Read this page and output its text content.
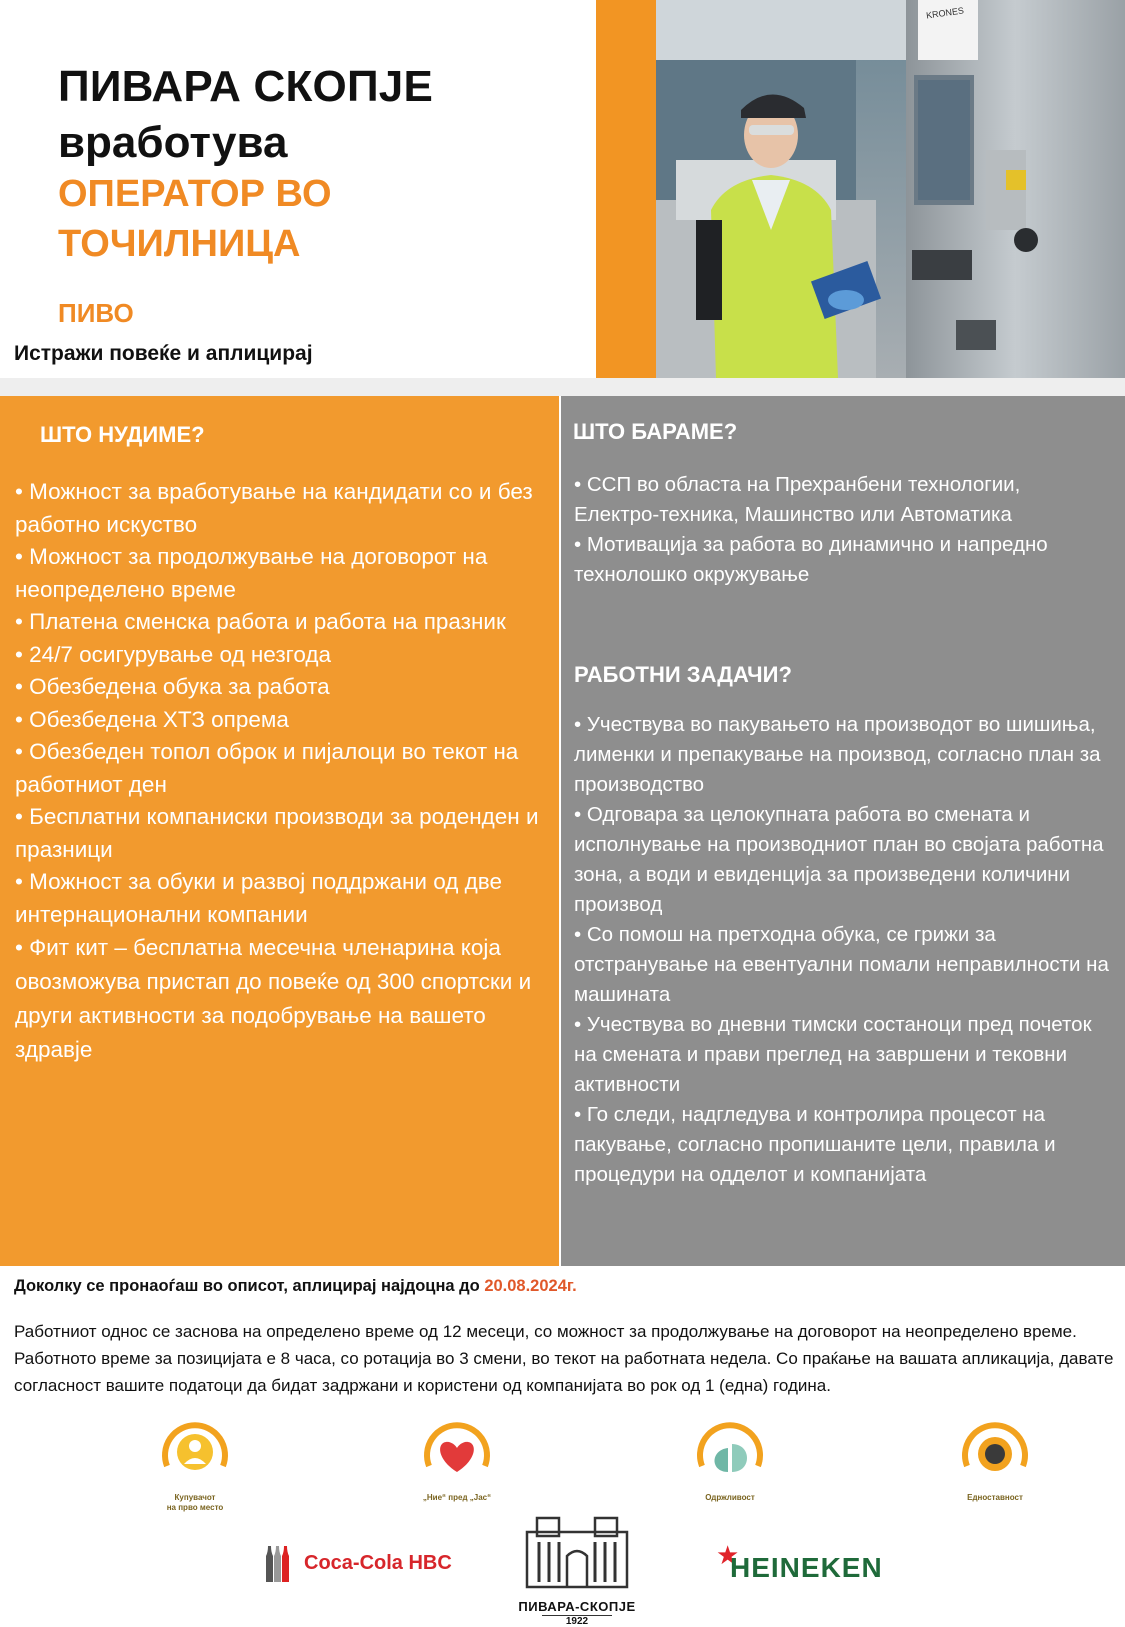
KRONES
ПИВАРА СКОПЈЕ
вработува
ОПЕРАТОР ВО
ТОЧИЛНИЦА
ПИВО
Истражи повеќе и аплицирај
ШТО НУДИМЕ?
• Можност за вработување на кандидати со и без работно искуство
• Можност за продолжување на договорот на неопределено време
• Платена сменска работа и работа на празник
• 24/7 осигурување од незгода
• Обезбедена обука за работа
• Обезбедена ХТЗ опрема
• Обезбеден топол оброк и пијалоци во текот на работниот ден
• Бесплатни компаниски производи за роденден и празници
• Можност за обуки и развој поддржани од две интернационални компании
• Фит кит – бесплатна месечна членарина која овозможува пристап до повеќе од 300 спортски и други активности за подобрување на вашето здравје
ШТО БАРАМЕ?
• ССП во областа на Прехранбени технологии, Електро-техника, Машинство или Автоматика
• Мотивација за работа во динамично и напредно технолошко окружување
РАБОТНИ ЗАДАЧИ?
• Учествува во пакувањето на производот во шишиња, лименки и препакување на производ, согласно план за производство
• Одговара за целокупната работа во смената и исполнување на производниот план во својата работна зона, а води и евиденција за произведени количини производ
• Со помош на претходна обука, се грижи за отстранување на евентуални помали неправилности на машината
• Учествува во дневни тимски состаноци пред почеток на смената и прави преглед на завршени и тековни активности
• Го следи, надгледува и контролира процесот на пакување, согласно пропишаните цели, правила и процедури на одделот и компанијата
Доколку се пронаоѓаш во описот, аплицирај најдоцна до 20.08.2024г.
Работниот однос се заснова на определено време од 12 месеци, со можност за продолжување на договорот на неопределено време. Работното време за позицијата е 8 часа, со ротација во 3 смени, во текот на работната недела. Со праќање на вашата апликација, давате согласност вашите податоци да бидат задржани и користени од компанијата во рок од 1 (една) година.
Купувачот
на прво место
„Ние“ пред „Јас“	Одржливост	Едноставност
Coca-Cola HBC
ПИВАРА-СКОПЈЕ
1922
★
HEINEKEN
